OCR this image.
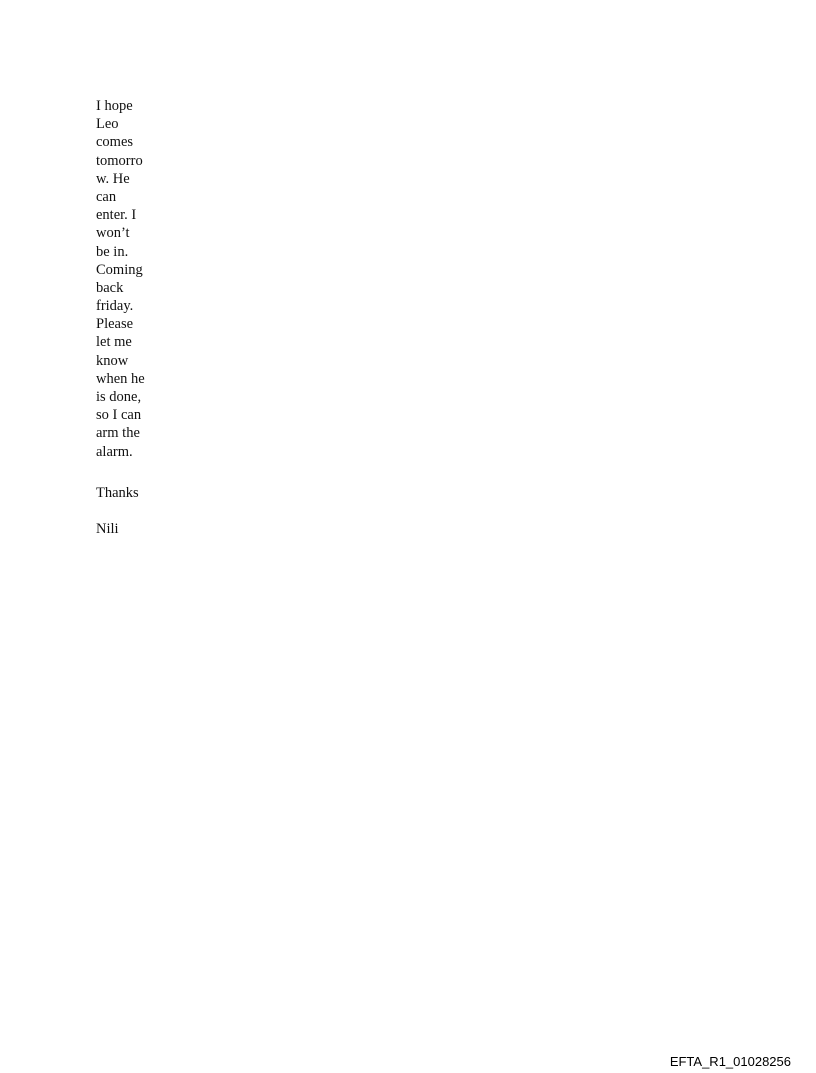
I hope
Leo
comes
tomorro
w. He
can
enter. I
won’t
be in.
Coming
back
friday.
Please
let me
know
when he
is done,
so I can
arm the
alarm.

Thanks

Nili

EFTA_R1_01028256
